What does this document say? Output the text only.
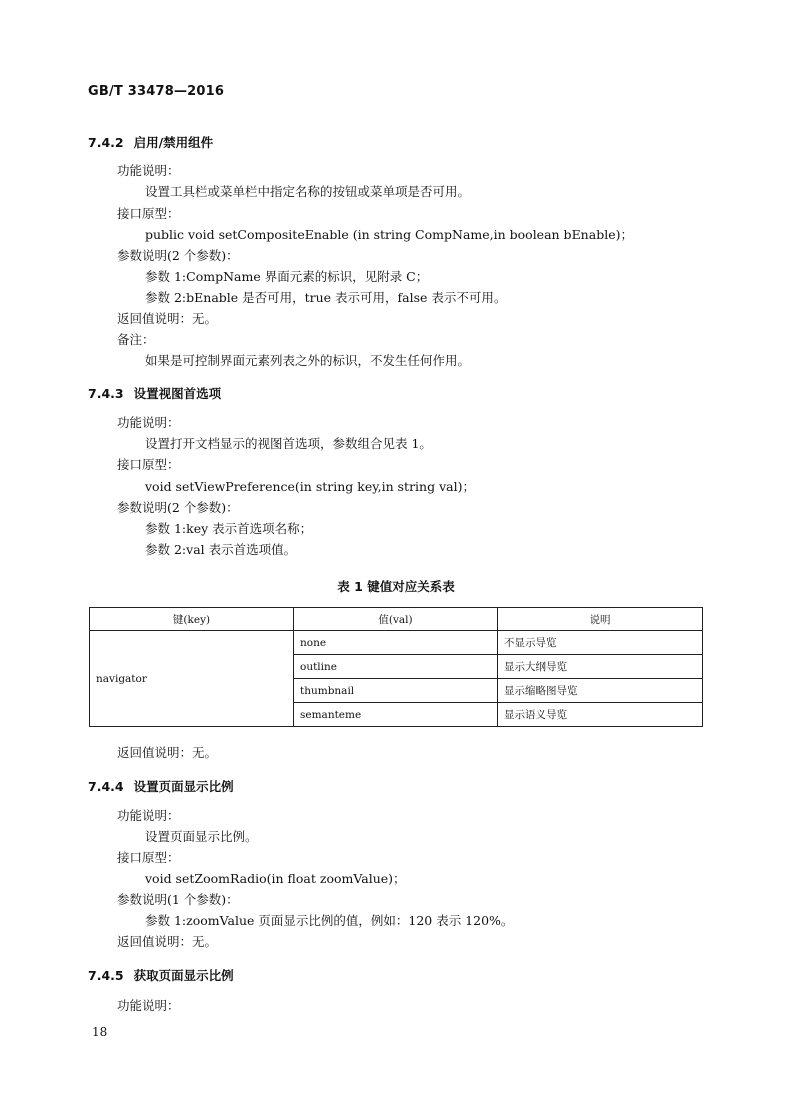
GB/T 33478—2016
7.4.2 启用/禁用组件
功能说明：
设置工具栏或菜单栏中指定名称的按钮或菜单项是否可用。
接口原型：
public void setCompositeEnable (in string CompName,in boolean bEnable)；
参数说明(2 个参数)：
参数 1:CompName 界面元素的标识，见附录 C；
参数 2:bEnable 是否可用，true 表示可用，false 表示不可用。
返回值说明：无。
备注：
如果是可控制界面元素列表之外的标识，不发生任何作用。
7.4.3 设置视图首选项
功能说明：
设置打开文档显示的视图首选项，参数组合见表 1。
接口原型：
void setViewPreference(in string key,in string val)；
参数说明(2 个参数)：
参数 1:key 表示首选项名称；
参数 2:val 表示首选项值。
表 1 键值对应关系表
键(key)	值(val)	说明
navigator	none	不显示导览
	outline	显示大纲导览
	thumbnail	显示缩略图导览
	semanteme	显示语义导览
返回值说明：无。
7.4.4 设置页面显示比例
功能说明：
设置页面显示比例。
接口原型：
void setZoomRadio(in float zoomValue)；
参数说明(1 个参数)：
参数 1:zoomValue 页面显示比例的值，例如：120 表示 120%。
返回值说明：无。
7.4.5 获取页面显示比例
功能说明：
18
